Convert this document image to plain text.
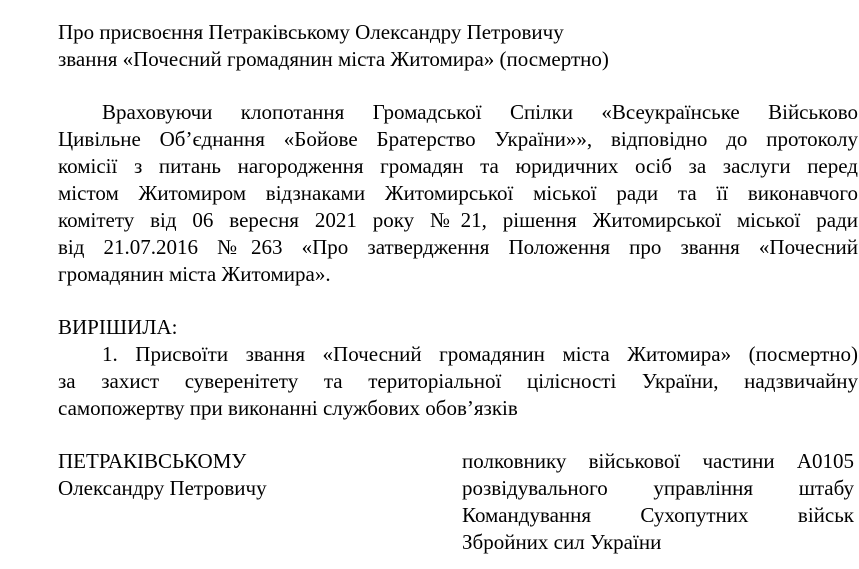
Про присвоєння Петраківському Олександру Петровичу
звання «Почесний громадянин міста Житомира» (посмертно)
Враховуючи клопотання Громадської Спілки «Всеукраїнське Військово
Цивільне Об’єднання «Бойове Братерство України»», відповідно до протоколу
комісії з питань нагородження громадян та юридичних осіб за заслуги перед
містом Житомиром відзнаками Житомирської міської ради та її виконавчого
комітету від 06 вересня 2021 року №21, рішення Житомирської міської ради
від 21.07.2016 №263 «Про затвердження Положення про звання «Почесний
громадянин міста Житомира».
ВИРІШИЛА:
1. Присвоїти звання «Почесний громадянин міста Житомира» (посмертно)
за захист суверенітету та територіальної цілісності України, надзвичайну
самопожертву при виконанні службових обов’язків
ПЕТРАКІВСЬКОМУ
Олександру Петровичу
полковнику військової частини А0105
розвідувального управління штабу
Командування Сухопутних військ
Збройних сил України
